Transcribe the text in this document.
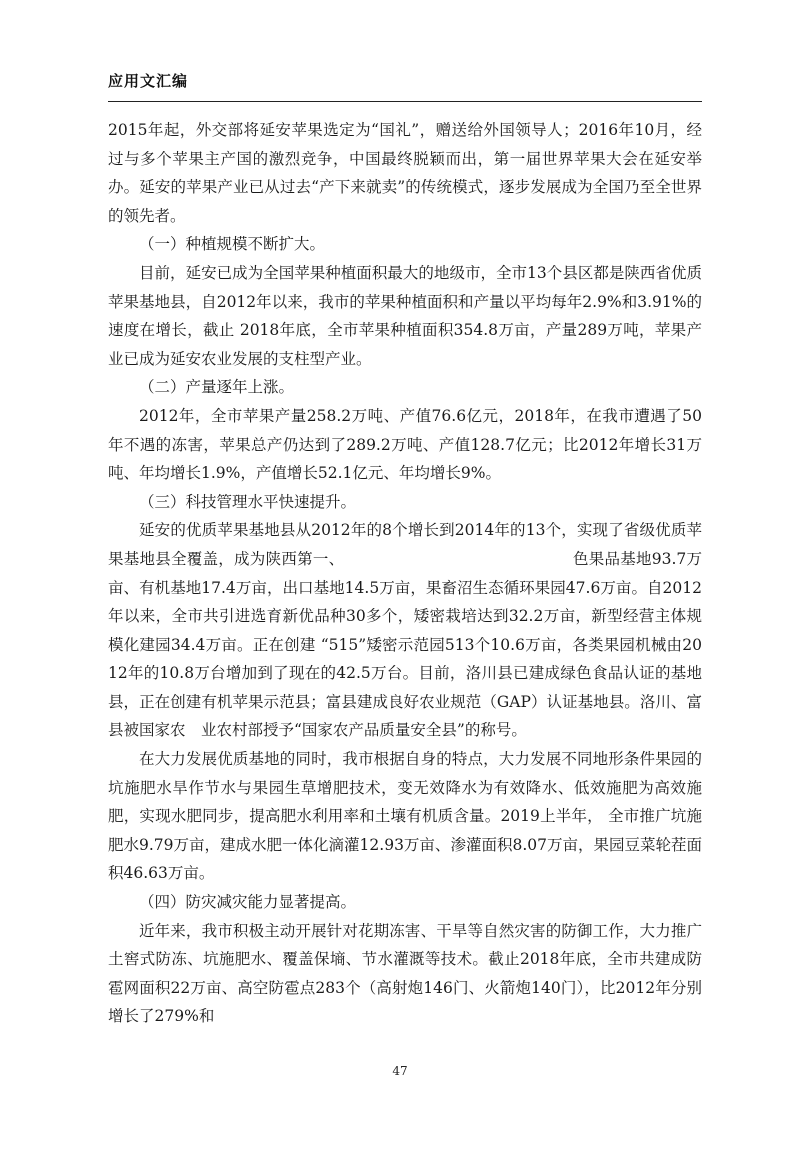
应用文汇编

2015年起，外交部将延安苹果选定为“国礼”，赠送给外国领导人；2016年10月，经过与多个苹果主产国的激烈竞争，中国最终脱颖而出，第一届世界苹果大会在延安举办。延安的苹果产业已从过去“产下来就卖”的传统模式，逐步发展成为全国乃至全世界的领先者。

（一）种植规模不断扩大。

目前，延安已成为全国苹果种植面积最大的地级市，全市13个县区都是陕西省优质苹果基地县，自2012年以来，我市的苹果种植面积和产量以平均每年2.9%和3.91%的速度在增长，截止 2018年底，全市苹果种植面积354.8万亩，产量289万吨，苹果产业已成为延安农业发展的支柱型产业。

（二）产量逐年上涨。

2012年，全市苹果产量258.2万吨、产值76.6亿元，2018年，在我市遭遇了50年不遇的冻害，苹果总产仍达到了289.2万吨、产值128.7亿元；比2012年增长31万吨、年均增长1.9%，产值增长52.1亿元、年均增长9%。

（三）科技管理水平快速提升。

延安的优质苹果基地县从2012年的8个增长到2014年的13个，实现了省级优质苹果基地县全覆盖，成为陕西第一、　　　　　　　　　　　　　　　色果品基地93.7万亩、有机基地17.4万亩，出口基地14.5万亩，果畜沼生态循环果园47.6万亩。自2012年以来，全市共引进选育新优品种30多个，矮密栽培达到32.2万亩，新型经营主体规模化建园34.4万亩。正在创建 “515”矮密示范园513个10.6万亩，各类果园机械由2012年的10.8万台增加到了现在的42.5万台。目前，洛川县已建成绿色食品认证的基地县，正在创建有机苹果示范县；富县建成良好农业规范（GAP）认证基地县。洛川、富县被国家农　业农村部授予“国家农产品质量安全县”的称号。

在大力发展优质基地的同时，我市根据自身的特点，大力发展不同地形条件果园的坑施肥水旱作节水与果园生草增肥技术，变无效降水为有效降水、低效施肥为高效施肥，实现水肥同步，提高肥水利用率和土壤有机质含量。2019上半年， 全市推广坑施肥水9.79万亩，建成水肥一体化滴灌12.93万亩、渗灌面积8.07万亩，果园豆菜轮茬面积46.63万亩。

（四）防灾减灾能力显著提高。

近年来，我市积极主动开展针对花期冻害、干旱等自然灾害的防御工作，大力推广土窖式防冻、坑施肥水、覆盖保墒、节水灌溉等技术。截止2018年底，全市共建成防雹网面积22万亩、高空防雹点283个（高射炮146门、火箭炮140门），比2012年分别增长了279%和

47
